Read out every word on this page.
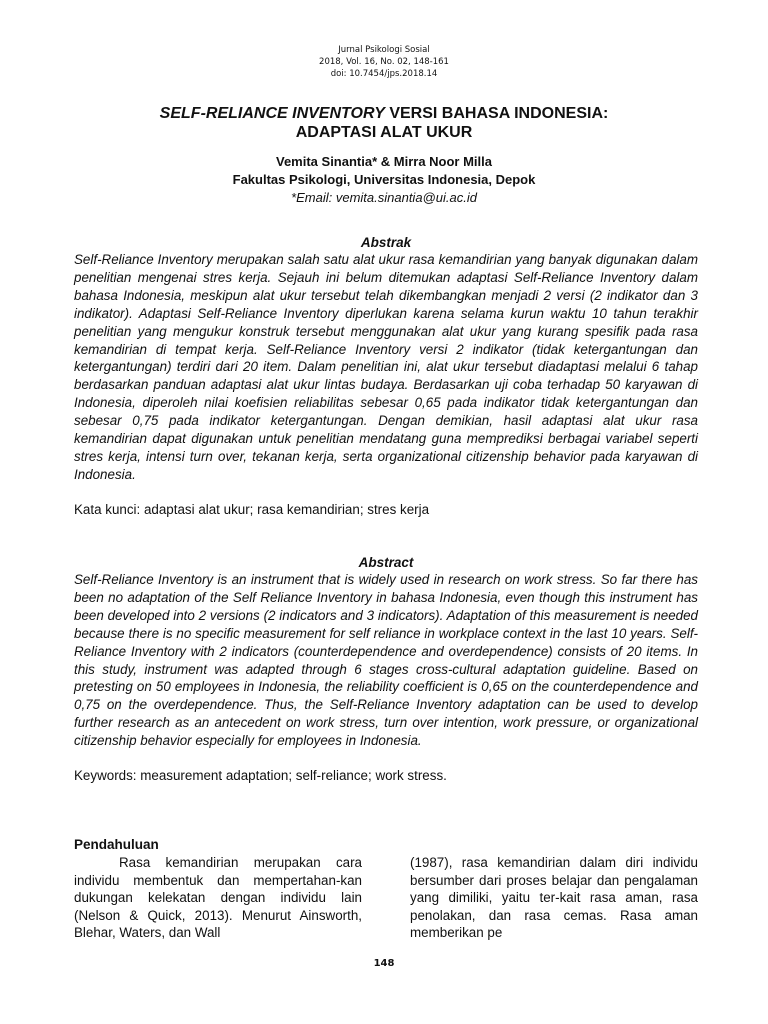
Jurnal Psikologi Sosial
2018, Vol. 16, No. 02, 148-161
doi: 10.7454/jps.2018.14
SELF-RELIANCE INVENTORY VERSI BAHASA INDONESIA:
ADAPTASI ALAT UKUR
Vemita Sinantia* & Mirra Noor Milla
Fakultas Psikologi, Universitas Indonesia, Depok
*Email: vemita.sinantia@ui.ac.id
Abstrak

Self-Reliance Inventory merupakan salah satu alat ukur rasa kemandirian yang banyak digunakan dalam penelitian mengenai stres kerja. Sejauh ini belum ditemukan adaptasi Self-Reliance Inventory dalam bahasa Indonesia, meskipun alat ukur tersebut telah dikembangkan menjadi 2 versi (2 indikator dan 3 indikator). Adaptasi Self-Reliance Inventory diperlukan karena selama kurun waktu 10 tahun terakhir penelitian yang mengukur konstruk tersebut menggunakan alat ukur yang kurang spesifik pada rasa kemandirian di tempat kerja. Self-Reliance Inventory versi 2 indikator (tidak ketergantungan dan ketergantungan) terdiri dari 20 item. Dalam penelitian ini, alat ukur tersebut diadaptasi melalui 6 tahap berdasarkan panduan adaptasi alat ukur lintas budaya. Berdasarkan uji coba terhadap 50 karyawan di Indonesia, diperoleh nilai koefisien reliabilitas sebesar 0,65 pada indikator tidak ketergantungan dan sebesar 0,75 pada indikator ketergantungan. Dengan demikian, hasil adaptasi alat ukur rasa kemandirian dapat digunakan untuk penelitian mendatang guna memprediksi berbagai variabel seperti stres kerja, intensi turn over, tekanan kerja, serta organizational citizenship behavior pada karyawan di Indonesia.

Kata kunci: adaptasi alat ukur; rasa kemandirian; stres kerja

Abstract

Self-Reliance Inventory is an instrument that is widely used in research on work stress. So far there has been no adaptation of the Self Reliance Inventory in bahasa Indonesia, even though this instrument has been developed into 2 versions (2 indicators and 3 indicators). Adaptation of this measurement is needed because there is no specific measurement for self reliance in workplace context in the last 10 years. Self-Reliance Inventory with 2 indicators (counterdependence and overdependence) consists of 20 items. In this study, instrument was adapted through 6 stages cross-cultural adaptation guideline. Based on pretesting on 50 employees in Indonesia, the reliability coefficient is 0,65 on the counterdependence and 0,75 on the overdependence. Thus, the Self-Reliance Inventory adaptation can be used to develop further research as an antecedent on work stress, turn over intention, work pressure, or organizational citizenship behavior especially for employees in Indonesia.

Keywords: measurement adaptation; self-reliance; work stress.

Pendahuluan

Rasa kemandirian merupakan cara individu membentuk dan mempertahan-kan dukungan kelekatan dengan individu lain (Nelson & Quick, 2013). Menurut Ainsworth, Blehar, Waters, dan Wall

(1987), rasa kemandirian dalam diri individu bersumber dari proses belajar dan pengalaman yang dimiliki, yaitu ter-kait rasa aman, rasa penolakan, dan rasa cemas. Rasa aman memberikan pe

148
